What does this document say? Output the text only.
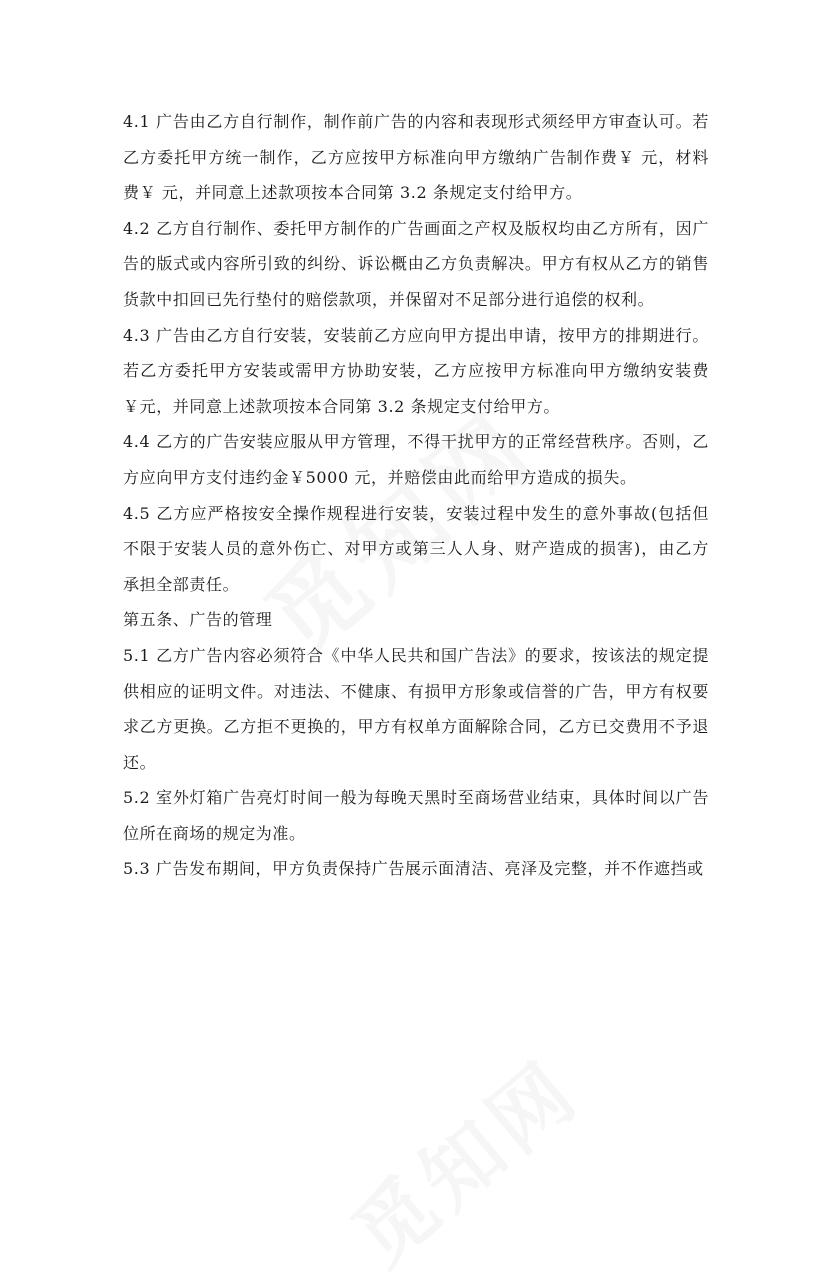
4.1 广告由乙方自行制作，制作前广告的内容和表现形式须经甲方审查认可。若乙方委托甲方统一制作，乙方应按甲方标准向甲方缴纳广告制作费￥ 元，材料费￥ 元，并同意上述款项按本合同第 3.2 条规定支付给甲方。

4.2 乙方自行制作、委托甲方制作的广告画面之产权及版权均由乙方所有，因广告的版式或内容所引致的纠纷、诉讼概由乙方负责解决。甲方有权从乙方的销售货款中扣回已先行垫付的赔偿款项，并保留对不足部分进行追偿的权利。

4.3 广告由乙方自行安装，安装前乙方应向甲方提出申请，按甲方的排期进行。若乙方委托甲方安装或需甲方协助安装，乙方应按甲方标准向甲方缴纳安装费￥元，并同意上述款项按本合同第 3.2 条规定支付给甲方。

4.4 乙方的广告安装应服从甲方管理，不得干扰甲方的正常经营秩序。否则，乙方应向甲方支付违约金￥5000 元，并赔偿由此而给甲方造成的损失。

4.5 乙方应严格按安全操作规程进行安装，安装过程中发生的意外事故(包括但不限于安装人员的意外伤亡、对甲方或第三人人身、财产造成的损害)，由乙方承担全部责任。

第五条、广告的管理

5.1 乙方广告内容必须符合《中华人民共和国广告法》的要求，按该法的规定提供相应的证明文件。对违法、不健康、有损甲方形象或信誉的广告，甲方有权要求乙方更换。乙方拒不更换的，甲方有权单方面解除合同，乙方已交费用不予退还。

5.2 室外灯箱广告亮灯时间一般为每晚天黑时至商场营业结束，具体时间以广告位所在商场的规定为准。

5.3 广告发布期间，甲方负责保持广告展示面清洁、亮泽及完整，并不作遮挡或
